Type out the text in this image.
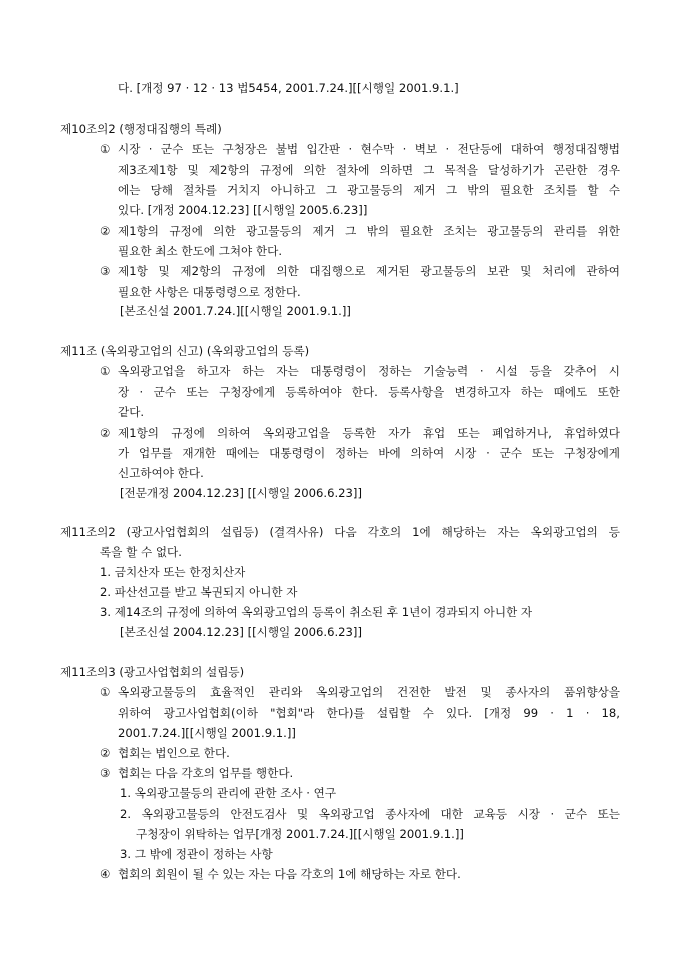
다. [개정 97 · 12 · 13 법5454, 2001.7.24.][[시행일 2001.9.1.]
제10조의2 (행정대집행의 특례)
① 시장 · 군수 또는 구청장은 불법 입간판 · 현수막 · 벽보 · 전단등에 대하여 행정대집행법
제3조제1항 및 제2항의 규정에 의한 절차에 의하면 그 목적을 달성하기가 곤란한 경우
에는 당해 절차를 거치지 아니하고 그 광고물등의 제거 그 밖의 필요한 조치를 할 수
있다. [개정 2004.12.23] [[시행일 2005.6.23]]
② 제1항의 규정에 의한 광고물등의 제거 그 밖의 필요한 조치는 광고물등의 관리를 위한
필요한 최소 한도에 그쳐야 한다.
③ 제1항 및 제2항의 규정에 의한 대집행으로 제거된 광고물등의 보관 및 처리에 관하여
필요한 사항은 대통령령으로 정한다.
[본조신설 2001.7.24.][[시행일 2001.9.1.]]
제11조 (옥외광고업의 신고) (옥외광고업의 등록)
① 옥외광고업을 하고자 하는 자는 대통령령이 정하는 기술능력 · 시설 등을 갖추어 시
장 · 군수 또는 구청장에게 등록하여야 한다. 등록사항을 변경하고자 하는 때에도 또한
같다.
② 제1항의 규정에 의하여 옥외광고업을 등록한 자가 휴업 또는 폐업하거나, 휴업하였다
가 업무를 재개한 때에는 대통령령이 정하는 바에 의하여 시장 · 군수 또는 구청장에게
신고하여야 한다.
[전문개정 2004.12.23] [[시행일 2006.6.23]]
제11조의2 (광고사업협회의 설립등) (결격사유) 다음 각호의 1에 해당하는 자는 옥외광고업의 등
록을 할 수 없다.
1. 금치산자 또는 한정치산자
2. 파산선고를 받고 복권되지 아니한 자
3. 제14조의 규정에 의하여 옥외광고업의 등록이 취소된 후 1년이 경과되지 아니한 자
[본조신설 2004.12.23] [[시행일 2006.6.23]]
제11조의3 (광고사업협회의 설립등)
① 옥외광고물등의 효율적인 관리와 옥외광고업의 건전한 발전 및 종사자의 품위향상을
위하여 광고사업협회(이하 "협회"라 한다)를 설립할 수 있다. [개정 99 · 1 · 18,
2001.7.24.][[시행일 2001.9.1.]]
② 협회는 법인으로 한다.
③ 협회는 다음 각호의 업무를 행한다.
1. 옥외광고물등의 관리에 관한 조사 · 연구
2. 옥외광고물등의 안전도검사 및 옥외광고업 종사자에 대한 교육등 시장 · 군수 또는
구청장이 위탁하는 업무[개정 2001.7.24.][[시행일 2001.9.1.]]
3. 그 밖에 정관이 정하는 사항
④ 협회의 회원이 될 수 있는 자는 다음 각호의 1에 해당하는 자로 한다.
